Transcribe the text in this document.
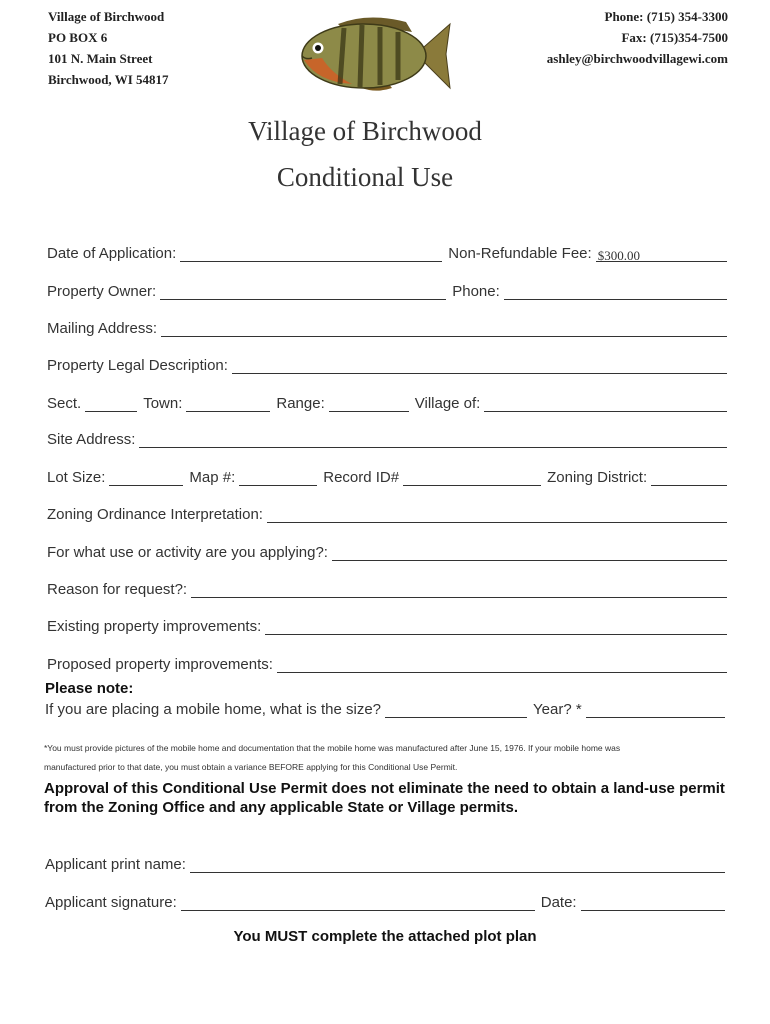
Village of Birchwood
PO BOX 6
101 N. Main Street
Birchwood, WI 54817
Phone: (715) 354-3300
Fax: (715)354-7500
ashley@birchwoodvillagewi.com
Village of Birchwood
Conditional Use
Date of Application:	Non-Refundable Fee: $300.00
Property Owner:	Phone:
Mailing Address:
Property Legal Description:
Sect.	Town:	Range:	Village of:
Site Address:
Lot Size:	Map #:	Record ID#	Zoning District:
Zoning Ordinance Interpretation:
For what use or activity are you applying?:
Reason for request?:
Existing property improvements:
Proposed property improvements:
Please note:
If you are placing a mobile home, what is the size?	Year? *
*You must provide pictures of the mobile home and documentation that the mobile home was manufactured after June 15, 1976. If your mobile home was
manufactured prior to that date, you must obtain a variance BEFORE applying for this Conditional Use Permit.
Approval of this Conditional Use Permit does not eliminate the need to obtain a land-use permit from the Zoning Office and any applicable State or Village permits.
Applicant print name:
Applicant signature:	Date:
You MUST complete the attached plot plan
